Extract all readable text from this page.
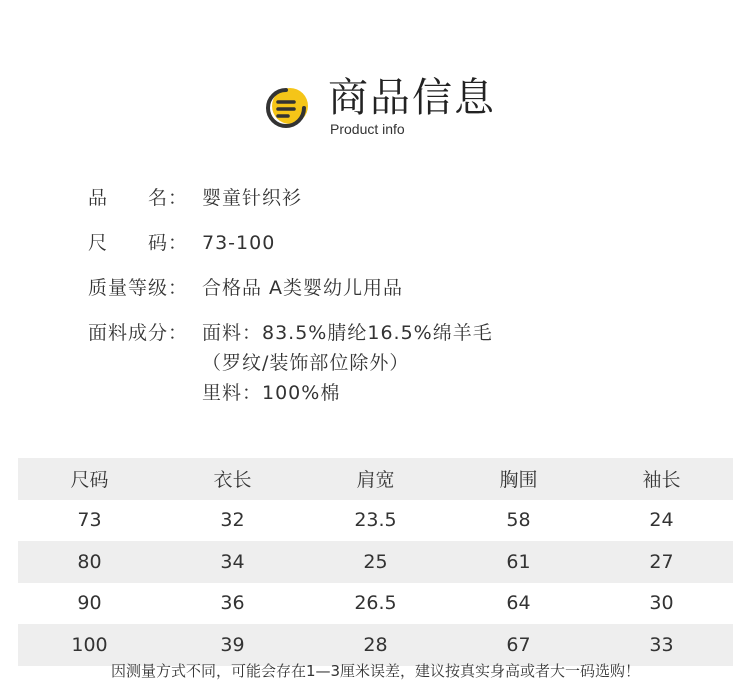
商品信息
Product info
品　　名： 婴童针织衫
尺　　码： 73-100
质量等级： 合格品 A类婴幼儿用品
面料成分： 面料：83.5%腈纶16.5%绵羊毛
（罗纹/装饰部位除外）
里料：100%棉
尺码	衣长	肩宽	胸围	袖长
73	32	23.5	58	24
80	34	25	61	27
90	36	26.5	64	30
100	39	28	67	33
因测量方式不同，可能会存在1—3厘米误差，建议按真实身高或者大一码选购！
